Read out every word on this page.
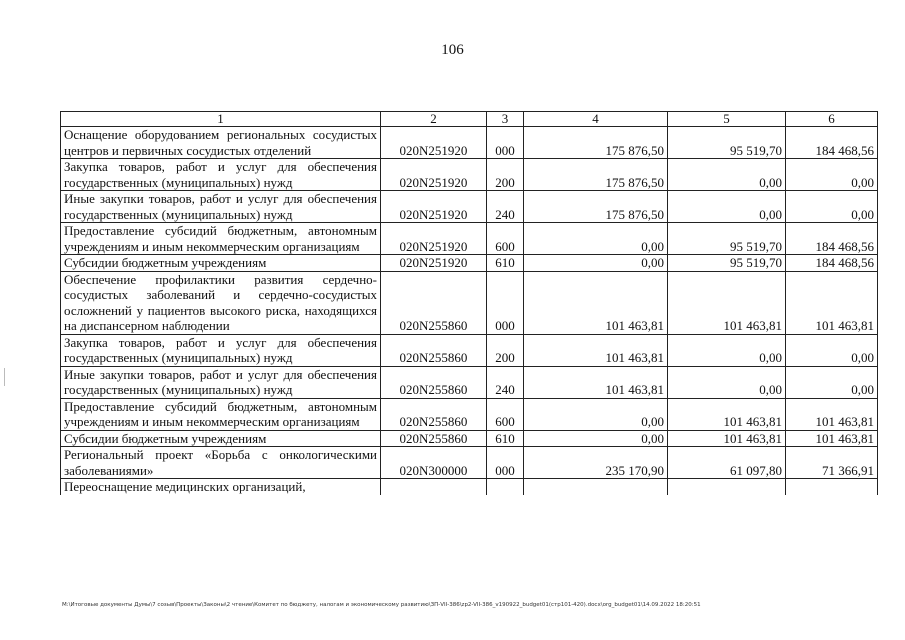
106
1	2	3	4	5	6
Оснащение оборудованием региональных сосудистых центров и первичных сосудистых отделений	020N251920	000	175 876,50	95 519,70	184 468,56
Закупка товаров, работ и услуг для обеспечения государственных (муниципальных) нужд	020N251920	200	175 876,50	0,00	0,00
Иные закупки товаров, работ и услуг для обеспечения государственных (муниципальных) нужд	020N251920	240	175 876,50	0,00	0,00
Предоставление субсидий бюджетным, автономным учреждениям и иным некоммерческим организациям	020N251920	600	0,00	95 519,70	184 468,56
Субсидии бюджетным учреждениям	020N251920	610	0,00	95 519,70	184 468,56
Обеспечение профилактики развития сердечно-сосудистых заболеваний и сердечно-сосудистых осложнений у пациентов высокого риска, находящихся на диспансерном наблюдении	020N255860	000	101 463,81	101 463,81	101 463,81
Закупка товаров, работ и услуг для обеспечения государственных (муниципальных) нужд	020N255860	200	101 463,81	0,00	0,00
Иные закупки товаров, работ и услуг для обеспечения государственных (муниципальных) нужд	020N255860	240	101 463,81	0,00	0,00
Предоставление субсидий бюджетным, автономным учреждениям и иным некоммерческим организациям	020N255860	600	0,00	101 463,81	101 463,81
Субсидии бюджетным учреждениям	020N255860	610	0,00	101 463,81	101 463,81
Региональный проект «Борьба с онкологическими заболеваниями»	020N300000	000	235 170,90	61 097,80	71 366,91
Переоснащение медицинских организаций,					
М:\Итоговые документы Думы\7 созыв\Проекты\Законы\2 чтение\Комитет по бюджету, налогам и экономическому развитию\ЗП-VII-386\zp2-VII-386_v190922_budget01(стр101-420).docx\org_budget01\14.09.2022 18:20:51
